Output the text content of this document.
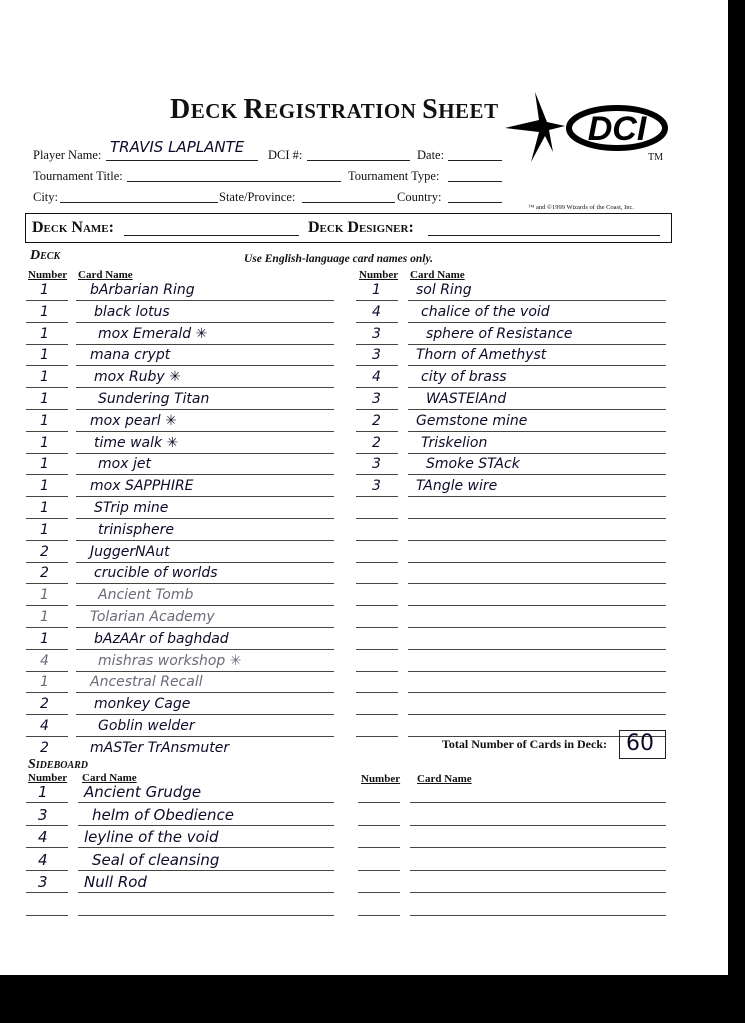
DECK REGISTRATION SHEET	DCI
TM
Player Name: TRAVIS LAPLANTE DCI #:	Date:
Tournament Title:	Tournament Type:
City:	State/Province:	Country:
™ and ©1999 Wizards of the Coast, Inc.
Deck Name:	Deck Designer:
Deck	Use English-language card names only.
Number Card Name	Number Card Name
1	bArbarian Ring
1	black lotus
1	mox Emerald ✳
1	mana crypt
1	mox Ruby ✳
1	Sundering Titan
1	mox pearl ✳
1	time walk ✳
1	mox jet
1	mox SAPPHIRE
1	STrip mine
1	trinisphere
2	JuggerNAut
2	crucible of worlds
1	Ancient Tomb
1	Tolarian Academy
1	bAzAAr of baghdad
4	mishras workshop ✳
1	Ancestral Recall
2	monkey Cage
4	Goblin welder
2	mASTer TrAnsmuter
1	sol Ring
4	chalice of the void
3	sphere of Resistance
3	Thorn of Amethyst
4	city of brass
3	WASTElAnd
2	Gemstone mine
2	Triskelion
3	Smoke STAck
3	TAngle wire
Total Number of Cards in Deck: 60
Sideboard
Number Card Name	Number Card Name
1 Ancient Grudge
3	helm of Obedience
4 leyline of the void
4	Seal of cleansing
3 Null Rod
